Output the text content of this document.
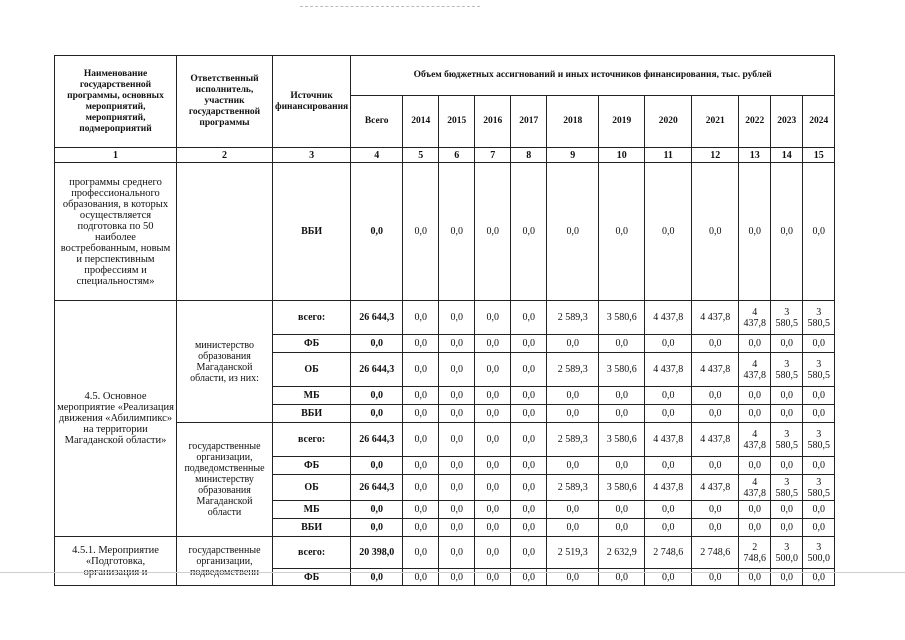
Наименование государственной программы, основных мероприятий, мероприятий, подмероприятий	Ответственный исполнитель, участник государственной программы	Источник финансирования	Объем бюджетных ассигнований и иных источников финансирования, тыс. рублей											
			Всего	2014	2015	2016	2017	2018	2019	2020	2021	2022	2023	2024
1	2	3	4	5	6	7	8	9	10	11	12	13	14	15
программы среднего профессионального образования, в которых осуществляется подготовка по 50 наиболее востребованным, новым и перспективным профессиям и специальностям»		ВБИ	0,0	0,0	0,0	0,0	0,0	0,0	0,0	0,0	0,0	0,0	0,0	0,0
4.5. Основное мероприятие «Реализация движения «Абилимпикс» на территории Магаданской области»	министерство образования Магаданской области, из них:	всего:	26 644,3	0,0	0,0	0,0	0,0	2 589,3	3 580,6	4 437,8	4 437,8	4 437,8	3 580,5	3 580,5
		ФБ	0,0	0,0	0,0	0,0	0,0	0,0	0,0	0,0	0,0	0,0	0,0	0,0
		ОБ	26 644,3	0,0	0,0	0,0	0,0	2 589,3	3 580,6	4 437,8	4 437,8	4 437,8	3 580,5	3 580,5
		МБ	0,0	0,0	0,0	0,0	0,0	0,0	0,0	0,0	0,0	0,0	0,0	0,0
		ВБИ	0,0	0,0	0,0	0,0	0,0	0,0	0,0	0,0	0,0	0,0	0,0	0,0
	государственные организации, подведомственные министерству образования Магаданской области	всего:	26 644,3	0,0	0,0	0,0	0,0	2 589,3	3 580,6	4 437,8	4 437,8	4 437,8	3 580,5	3 580,5
		ФБ	0,0	0,0	0,0	0,0	0,0	0,0	0,0	0,0	0,0	0,0	0,0	0,0
		ОБ	26 644,3	0,0	0,0	0,0	0,0	2 589,3	3 580,6	4 437,8	4 437,8	4 437,8	3 580,5	3 580,5
		МБ	0,0	0,0	0,0	0,0	0,0	0,0	0,0	0,0	0,0	0,0	0,0	0,0
		ВБИ	0,0	0,0	0,0	0,0	0,0	0,0	0,0	0,0	0,0	0,0	0,0	0,0
4.5.1. Мероприятие «Подготовка, организация и	государственные организации, подведомственн	всего:	20 398,0	0,0	0,0	0,0	0,0	2 519,3	2 632,9	2 748,6	2 748,6	2 748,6	3 500,0	3 500,0
		ФБ	0,0	0,0	0,0	0,0	0,0	0,0	0,0	0,0	0,0	0,0	0,0	0,0
